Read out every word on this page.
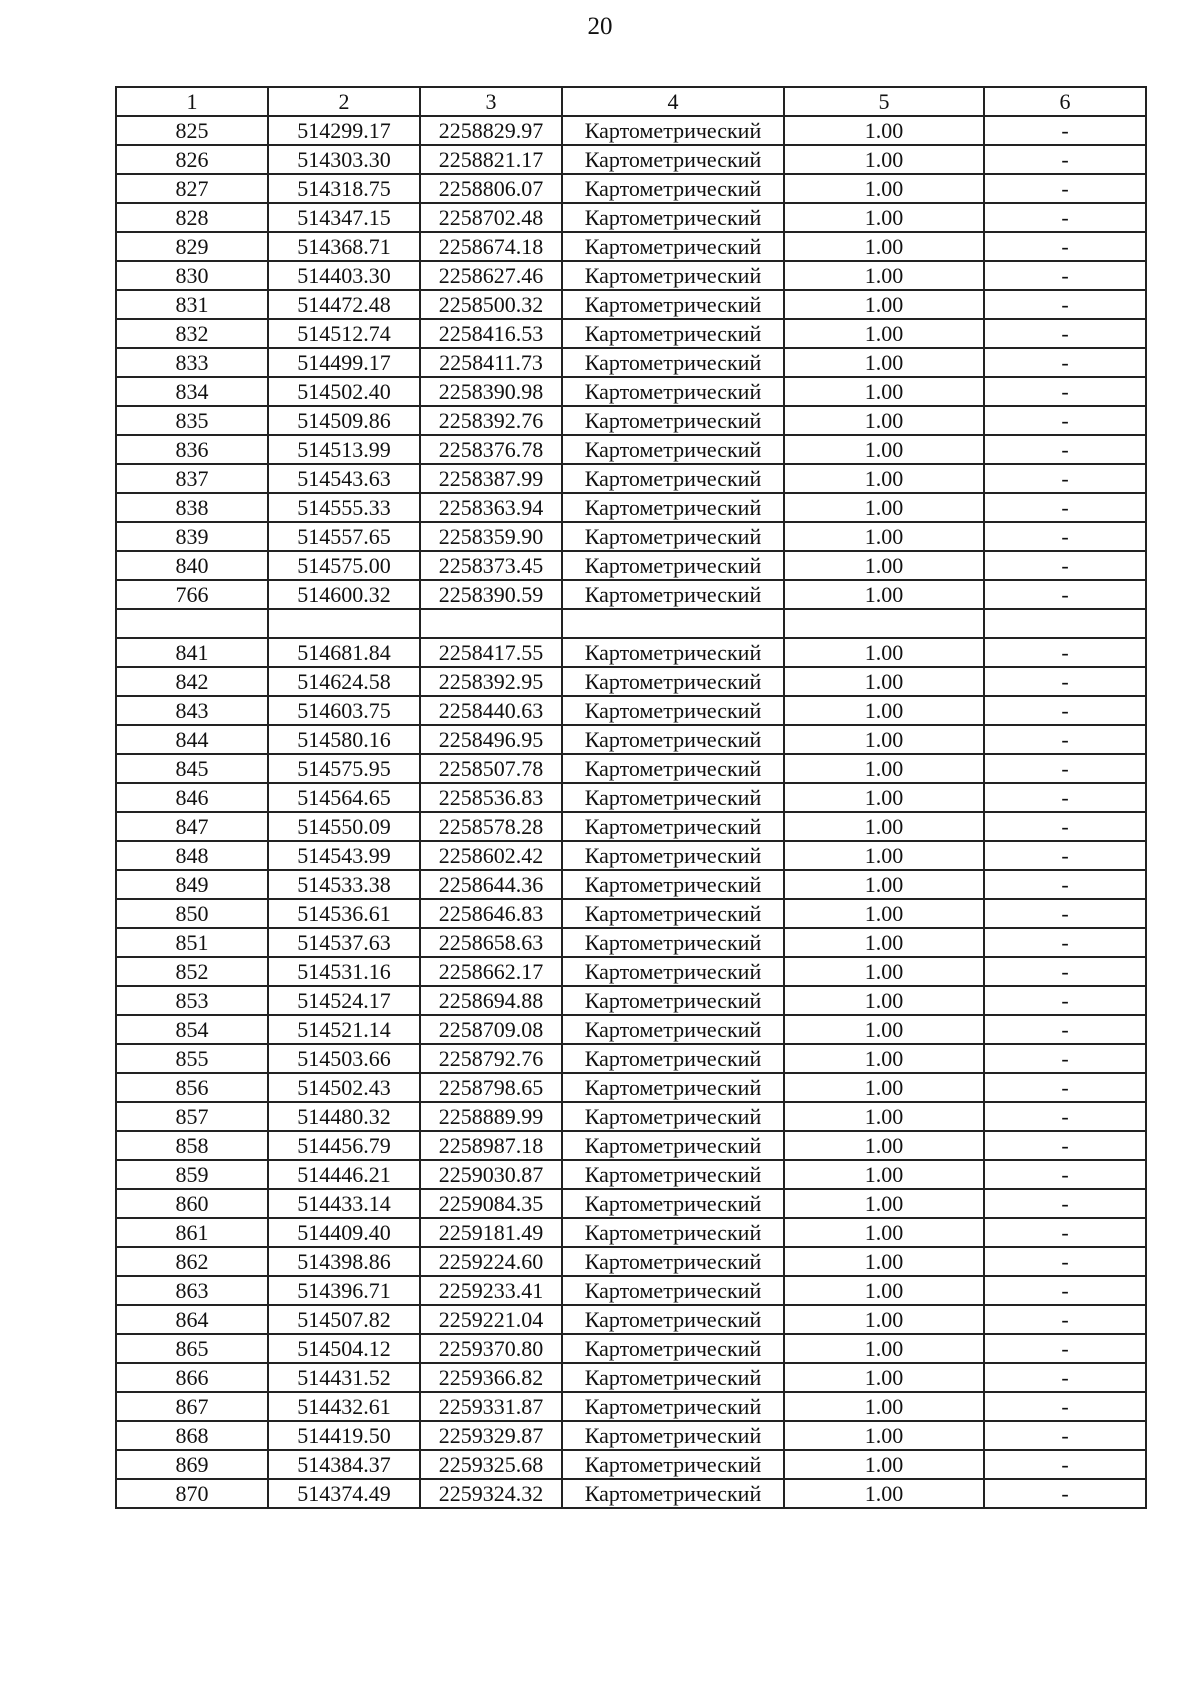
20
1	2	3	4	5	6
825	514299.17	2258829.97	Картометрический	1.00	-
826	514303.30	2258821.17	Картометрический	1.00	-
827	514318.75	2258806.07	Картометрический	1.00	-
828	514347.15	2258702.48	Картометрический	1.00	-
829	514368.71	2258674.18	Картометрический	1.00	-
830	514403.30	2258627.46	Картометрический	1.00	-
831	514472.48	2258500.32	Картометрический	1.00	-
832	514512.74	2258416.53	Картометрический	1.00	-
833	514499.17	2258411.73	Картометрический	1.00	-
834	514502.40	2258390.98	Картометрический	1.00	-
835	514509.86	2258392.76	Картометрический	1.00	-
836	514513.99	2258376.78	Картометрический	1.00	-
837	514543.63	2258387.99	Картометрический	1.00	-
838	514555.33	2258363.94	Картометрический	1.00	-
839	514557.65	2258359.90	Картометрический	1.00	-
840	514575.00	2258373.45	Картометрический	1.00	-
766	514600.32	2258390.59	Картометрический	1.00	-

841	514681.84	2258417.55	Картометрический	1.00	-
842	514624.58	2258392.95	Картометрический	1.00	-
843	514603.75	2258440.63	Картометрический	1.00	-
844	514580.16	2258496.95	Картометрический	1.00	-
845	514575.95	2258507.78	Картометрический	1.00	-
846	514564.65	2258536.83	Картометрический	1.00	-
847	514550.09	2258578.28	Картометрический	1.00	-
848	514543.99	2258602.42	Картометрический	1.00	-
849	514533.38	2258644.36	Картометрический	1.00	-
850	514536.61	2258646.83	Картометрический	1.00	-
851	514537.63	2258658.63	Картометрический	1.00	-
852	514531.16	2258662.17	Картометрический	1.00	-
853	514524.17	2258694.88	Картометрический	1.00	-
854	514521.14	2258709.08	Картометрический	1.00	-
855	514503.66	2258792.76	Картометрический	1.00	-
856	514502.43	2258798.65	Картометрический	1.00	-
857	514480.32	2258889.99	Картометрический	1.00	-
858	514456.79	2258987.18	Картометрический	1.00	-
859	514446.21	2259030.87	Картометрический	1.00	-
860	514433.14	2259084.35	Картометрический	1.00	-
861	514409.40	2259181.49	Картометрический	1.00	-
862	514398.86	2259224.60	Картометрический	1.00	-
863	514396.71	2259233.41	Картометрический	1.00	-
864	514507.82	2259221.04	Картометрический	1.00	-
865	514504.12	2259370.80	Картометрический	1.00	-
866	514431.52	2259366.82	Картометрический	1.00	-
867	514432.61	2259331.87	Картометрический	1.00	-
868	514419.50	2259329.87	Картометрический	1.00	-
869	514384.37	2259325.68	Картометрический	1.00	-
870	514374.49	2259324.32	Картометрический	1.00	-
